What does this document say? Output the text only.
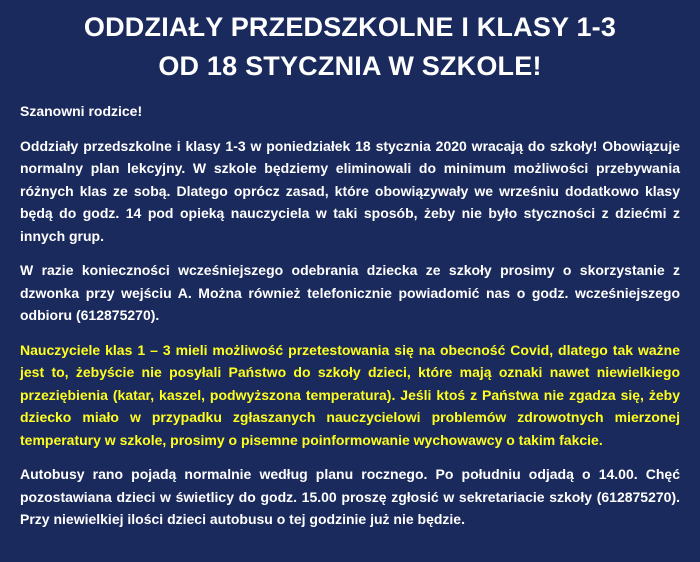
ODDZIAŁY PRZEDSZKOLNE I KLASY 1-3
OD 18 STYCZNIA W SZKOLE!

Szanowni rodzice!

Oddziały przedszkolne i klasy 1-3 w poniedziałek 18 stycznia 2020 wracają do szkoły! Obowiązuje normalny plan lekcyjny. W szkole będziemy eliminowali do minimum możliwości przebywania różnych klas ze sobą. Dlatego oprócz zasad, które obowiązywały we wrześniu dodatkowo klasy będą do godz. 14 pod opieką nauczyciela w taki sposób, żeby nie było styczności z dziećmi z innych grup.

W razie konieczności wcześniejszego odebrania dziecka ze szkoły prosimy o skorzystanie z dzwonka przy wejściu A. Można również telefonicznie powiadomić nas o godz. wcześniejszego odbioru (612875270).

Nauczyciele klas 1 – 3 mieli możliwość przetestowania się na obecność Covid, dlatego tak ważne jest to, żebyście nie posyłali Państwo do szkoły dzieci, które mają oznaki nawet niewielkiego przeziębienia (katar, kaszel, podwyższona temperatura). Jeśli ktoś z Państwa nie zgadza się, żeby dziecko miało w przypadku zgłaszanych nauczycielowi problemów zdrowotnych mierzonej temperatury w szkole, prosimy o pisemne poinformowanie wychowawcy o takim fakcie.

Autobusy rano pojadą normalnie według planu rocznego. Po południu odjadą o 14.00. Chęć pozostawiana dzieci w świetlicy do godz. 15.00 proszę zgłosić w sekretariacie szkoły (612875270). Przy niewielkiej ilości dzieci autobusu o tej godzinie już nie będzie.
